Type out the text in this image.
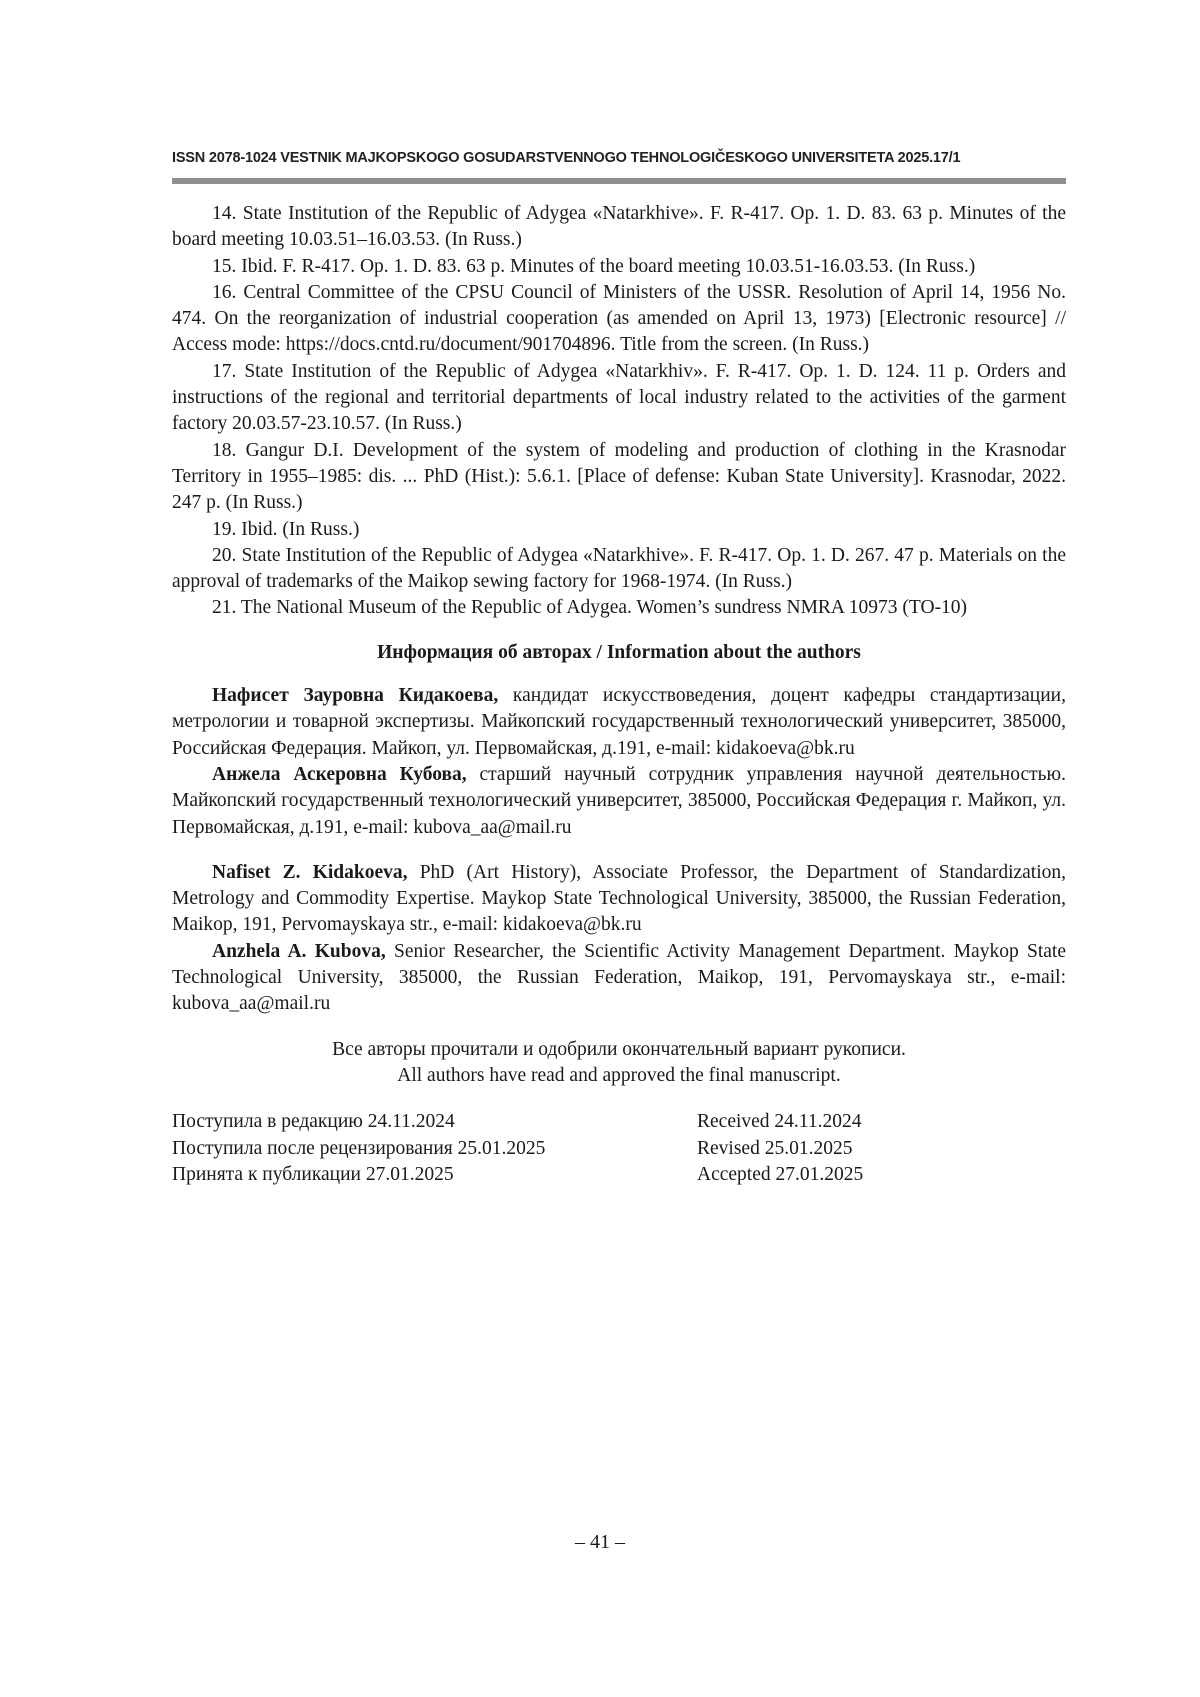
ISSN 2078-1024 VESTNIK MAJKOPSKOGO GOSUDARSTVENNOGO TEHNOLOGIČESKOGO UNIVERSITETA 2025.17/1

14. State Institution of the Republic of Adygea «Natarkhive». F. R-417. Op. 1. D. 83. 63 p. Minutes of the board meeting 10.03.51–16.03.53. (In Russ.)

15. Ibid. F. R-417. Op. 1. D. 83. 63 p. Minutes of the board meeting 10.03.51-16.03.53. (In Russ.)

16. Central Committee of the CPSU Council of Ministers of the USSR. Resolution of April 14, 1956 No. 474. On the reorganization of industrial cooperation (as amended on April 13, 1973) [Electronic resource] // Access mode: https://docs.cntd.ru/document/901704896. Title from the screen. (In Russ.)

17. State Institution of the Republic of Adygea «Natarkhiv». F. R-417. Op. 1. D. 124. 11 p. Orders and instructions of the regional and territorial departments of local industry related to the activities of the garment factory 20.03.57-23.10.57. (In Russ.)

18. Gangur D.I. Development of the system of modeling and production of clothing in the Krasnodar Territory in 1955–1985: dis. ... PhD (Hist.): 5.6.1. [Place of defense: Kuban State University]. Krasnodar, 2022. 247 p. (In Russ.)

19. Ibid. (In Russ.)

20. State Institution of the Republic of Adygea «Natarkhive». F. R-417. Op. 1. D. 267. 47 p. Materials on the approval of trademarks of the Maikop sewing factory for 1968-1974. (In Russ.)

21. The National Museum of the Republic of Adygea. Women’s sundress NMRA 10973 (TO-10)

Информация об авторах / Information about the authors

Нафисет Зауровна Кидакоева, кандидат искусствоведения, доцент кафедры стандартизации, метрологии и товарной экспертизы. Майкопский государственный технологический университет, 385000, Российская Федерация. Майкоп, ул. Первомайская, д.191, e-mail: kidakoeva@bk.ru

Анжела Аскеровна Кубова, старший научный сотрудник управления научной деятельностью. Майкопский государственный технологический университет, 385000, Российская Федерация г. Майкоп, ул. Первомайская, д.191, e-mail: kubova_aa@mail.ru

Nafiset Z. Kidakoeva, PhD (Art History), Associate Professor, the Department of Standardization, Metrology and Commodity Expertise. Maykop State Technological University, 385000, the Russian Federation, Maikop, 191, Pervomayskaya str., e-mail: kidakoeva@bk.ru

Anzhela A. Kubova, Senior Researcher, the Scientific Activity Management Department. Maykop State Technological University, 385000, the Russian Federation, Maikop, 191, Pervomayskaya str., e-mail: kubova_aa@mail.ru

Все авторы прочитали и одобрили окончательный вариант рукописи.

All authors have read and approved the final manuscript.

Поступила в редакцию 24.11.2024	Received 24.11.2024
Поступила после рецензирования 25.01.2025	Revised 25.01.2025
Принята к публикации 27.01.2025	Accepted 27.01.2025
– 41 –
